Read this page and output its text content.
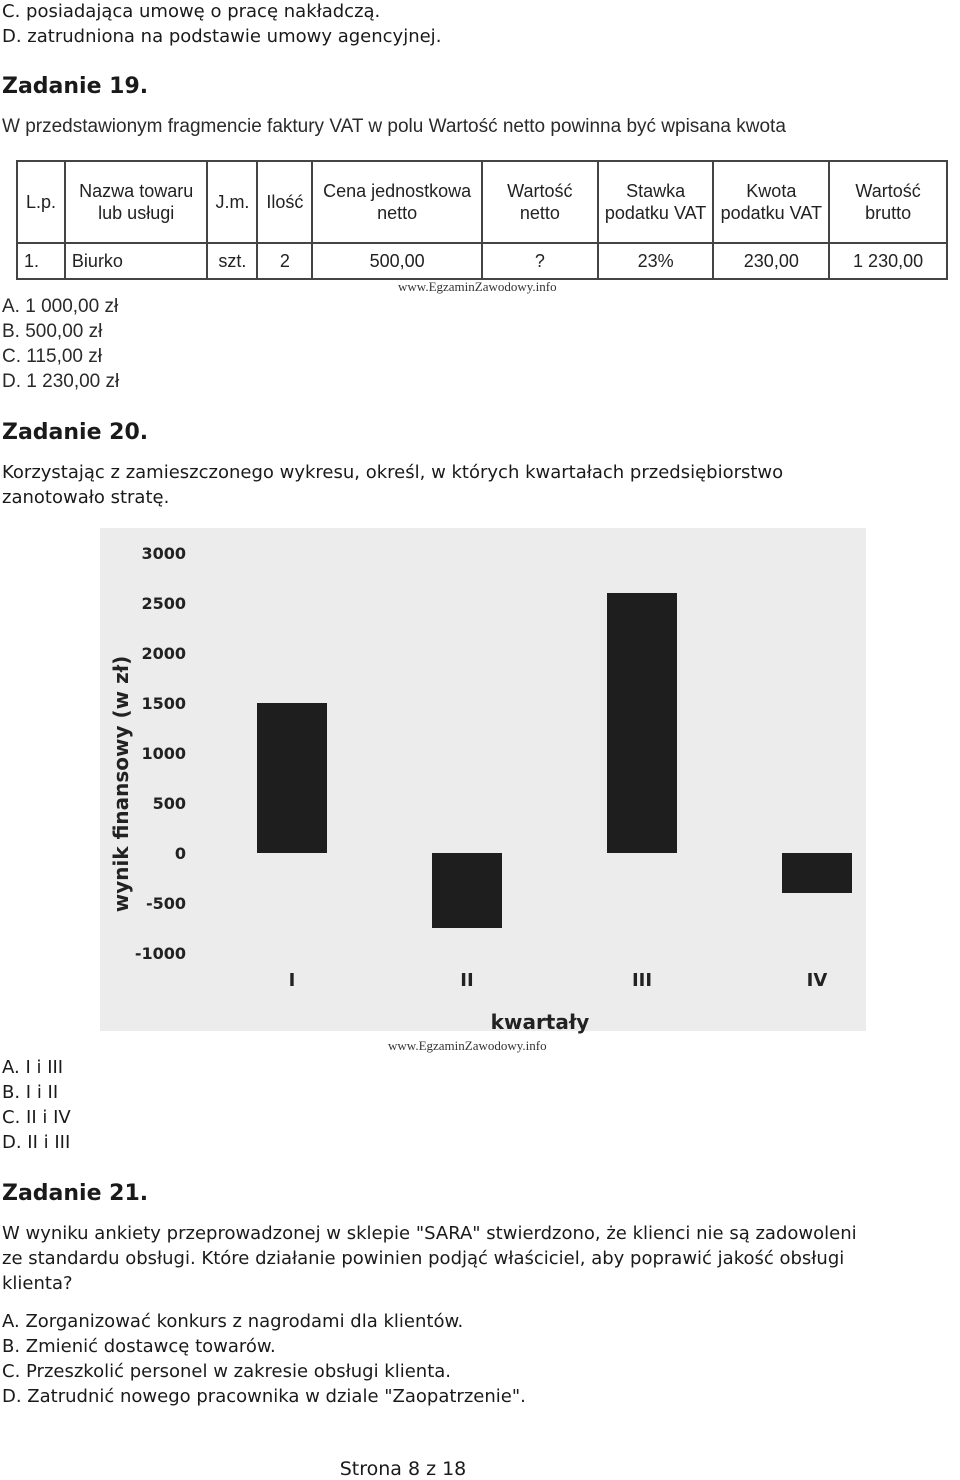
C. posiadająca umowę o pracę nakładczą.
D. zatrudniona na podstawie umowy agencyjnej.
Zadanie 19.
W przedstawionym fragmencie faktury VAT w polu Wartość netto powinna być wpisana kwota
L.p.	Nazwa towaru lub usługi	J.m.	Ilość	Cena jednostkowa netto	Wartość netto	Stawka podatku VAT	Kwota podatku VAT	Wartość brutto
1.	Biurko	szt.	2	500,00	?	23%	230,00	1 230,00
www.EgzaminZawodowy.info
A. 1 000,00 zł
B. 500,00 zł
C. 115,00 zł
D. 1 230,00 zł
Zadanie 20.
Korzystając z zamieszczonego wykresu, określ, w których kwartałach przedsiębiorstwo
zanotowało stratę.
wynik finansowy (w zł)
kwartały
3000
2500
2000
1500
1000
500
0
-500
-1000
I	II	III	IV
www.EgzaminZawodowy.info
A. I i III
B. I i II
C. II i IV
D. II i III
Zadanie 21.
W wyniku ankiety przeprowadzonej w sklepie "SARA" stwierdzono, że klienci nie są zadowoleni
ze standardu obsługi. Które działanie powinien podjąć właściciel, aby poprawić jakość obsługi
klienta?
A. Zorganizować konkurs z nagrodami dla klientów.
B. Zmienić dostawcę towarów.
C. Przeszkolić personel w zakresie obsługi klienta.
D. Zatrudnić nowego pracownika w dziale "Zaopatrzenie".
Strona 8 z 18
